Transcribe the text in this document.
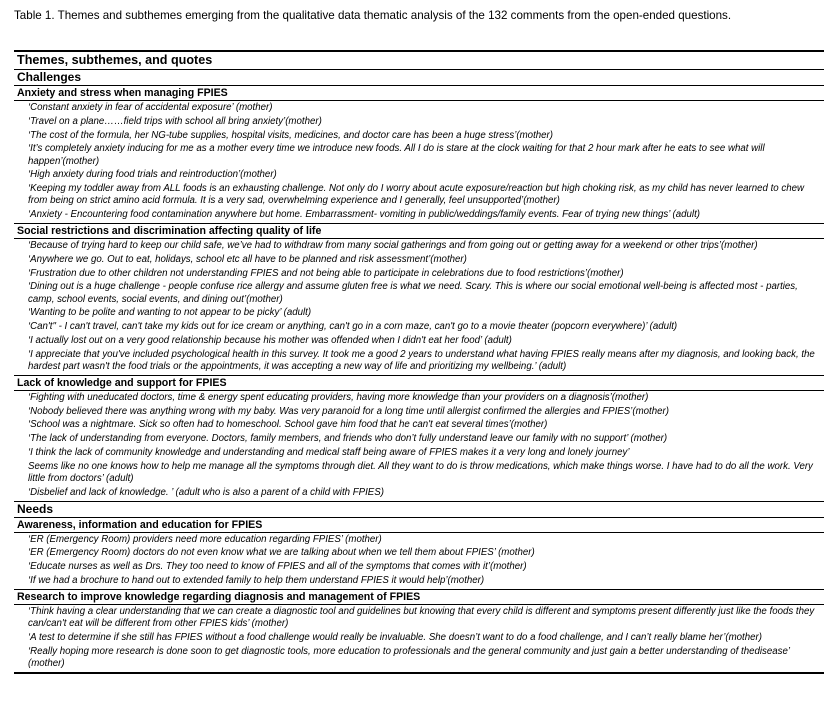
Table 1. Themes and subthemes emerging from the qualitative data thematic analysis of the 132 comments from the open-ended questions.
Themes, subthemes, and quotes
Challenges
Anxiety and stress when managing FPIES
‘Constant anxiety in fear of accidental exposure’ (mother)
‘Travel on a plane……field trips with school all bring anxiety’(mother)
‘The cost of the formula, her NG-tube supplies, hospital visits, medicines, and doctor care has been a huge stress’(mother)
‘It’s completely anxiety inducing for me as a mother every time we introduce new foods. All I do is stare at the clock waiting for that 2 hour mark after he eats to see what will happen’(mother)
‘High anxiety during food trials and reintroduction’(mother)
‘Keeping my toddler away from ALL foods is an exhausting challenge. Not only do I worry about acute exposure/reaction but high choking risk, as my child has never learned to chew from being on strict amino acid formula. It is a very sad, overwhelming experience and I generally, feel unsupported’(mother)
‘Anxiety - Encountering food contamination anywhere but home. Embarrassment- vomiting in public/weddings/family events. Fear of trying new things’ (adult)
Social restrictions and discrimination affecting quality of life
‘Because of trying hard to keep our child safe, we’ve had to withdraw from many social gatherings and from going out or getting away for a weekend or other trips’(mother)
‘Anywhere we go. Out to eat, holidays, school etc all have to be planned and risk assessment’(mother)
‘Frustration due to other children not understanding FPIES and not being able to participate in celebrations due to food restrictions’(mother)
‘Dining out is a huge challenge - people confuse rice allergy and assume gluten free is what we need. Scary. This is where our social emotional well-being is affected most - parties, camp, school events, social events, and dining out’(mother)
‘Wanting to be polite and wanting to not appear to be picky’ (adult)
‘Can't" - I can't travel, can't take my kids out for ice cream or anything, can't go in a corn maze, can't go to a movie theater (popcorn everywhere)’ (adult)
‘I actually lost out on a very good relationship because his mother was offended when I didn't eat her food’ (adult)
‘I appreciate that you've included psychological health in this survey. It took me a good 2 years to understand what having FPIES really means after my diagnosis, and looking back, the hardest part wasn't the food trials or the appointments, it was accepting a new way of life and prioritizing my wellbeing.’ (adult)
Lack of knowledge and support for FPIES
‘Fighting with uneducated doctors, time & energy spent educating providers, having more knowledge than your providers on a diagnosis’(mother)
‘Nobody believed there was anything wrong with my baby. Was very paranoid for a long time until allergist confirmed the allergies and FPIES’(mother)
‘School was a nightmare. Sick so often had to homeschool. School gave him food that he can't eat several times’(mother)
‘The lack of understanding from everyone. Doctors, family members, and friends who don’t fully understand leave our family with no support’ (mother)
‘I think the lack of community knowledge and understanding and medical staff being aware of FPIES makes it a very long and lonely journey’
Seems like no one knows how to help me manage all the symptoms through diet. All they want to do is throw medications, which make things worse. I have had to do all the work. Very little from doctors’ (adult)
‘Disbelief and lack of knowledge. ’ (adult who is also a parent of a child with FPIES)
Needs
Awareness, information and education for FPIES
‘ER (Emergency Room) providers need more education regarding FPIES’ (mother)
‘ER (Emergency Room) doctors do not even know what we are talking about when we tell them about FPIES’ (mother)
‘Educate nurses as well as Drs. They too need to know of FPIES and all of the symptoms that comes with it’(mother)
‘If we had a brochure to hand out to extended family to help them understand FPIES it would help’(mother)
Research to improve knowledge regarding diagnosis and management of FPIES
‘Think having a clear understanding that we can create a diagnostic tool and guidelines but knowing that every child is different and symptoms present differently just like the foods they can/can't eat will be different from other FPIES kids’ (mother)
‘A test to determine if she still has FPIES without a food challenge would really be invaluable. She doesn’t want to do a food challenge, and I can’t really blame her’(mother)
‘Really hoping more research is done soon to get diagnostic tools, more education to professionals and the general community and just gain a better understanding of thedisease’ (mother)
